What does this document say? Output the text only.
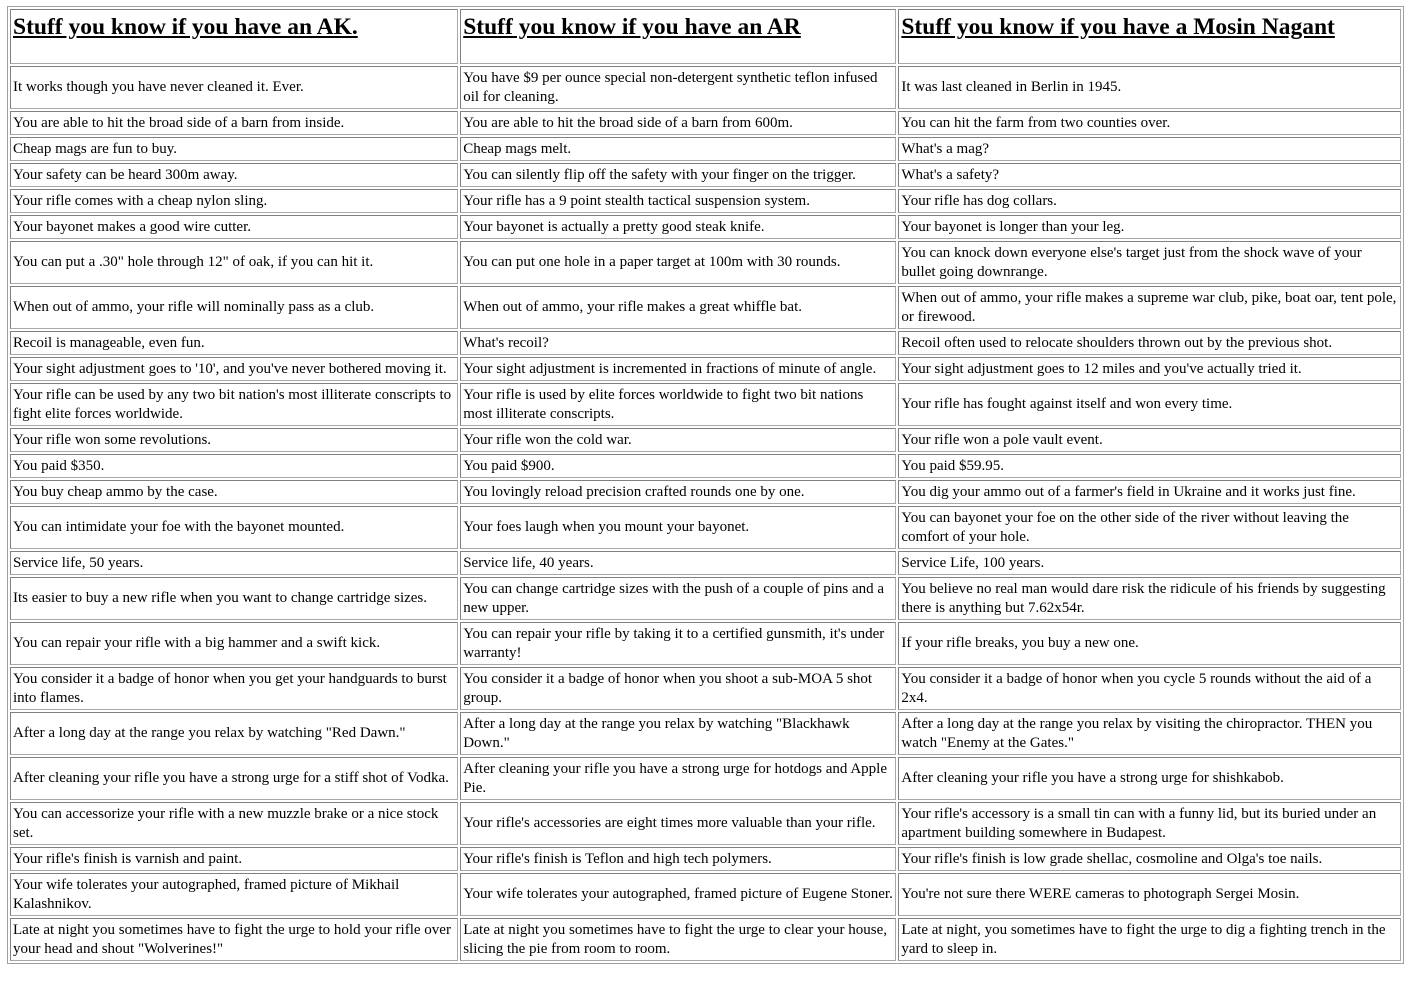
Stuff you know if you have an AK.	Stuff you know if you have an AR	Stuff you know if you have a Mosin Nagant
It works though you have never cleaned it. Ever.	You have $9 per ounce special non-detergent synthetic teflon infused oil for cleaning.	It was last cleaned in Berlin in 1945.
You are able to hit the broad side of a barn from inside.	You are able to hit the broad side of a barn from 600m.	You can hit the farm from two counties over.
Cheap mags are fun to buy.	Cheap mags melt.	What's a mag?
Your safety can be heard 300m away.	You can silently flip off the safety with your finger on the trigger.	What's a safety?
Your rifle comes with a cheap nylon sling.	Your rifle has a 9 point stealth tactical suspension system.	Your rifle has dog collars.
Your bayonet makes a good wire cutter.	Your bayonet is actually a pretty good steak knife.	Your bayonet is longer than your leg.
You can put a .30" hole through 12" of oak, if you can hit it.	You can put one hole in a paper target at 100m with 30 rounds.	You can knock down everyone else's target just from the shock wave of your bullet going downrange.
When out of ammo, your rifle will nominally pass as a club.	When out of ammo, your rifle makes a great whiffle bat.	When out of ammo, your rifle makes a supreme war club, pike, boat oar, tent pole, or firewood.
Recoil is manageable, even fun.	What's recoil?	Recoil often used to relocate shoulders thrown out by the previous shot.
Your sight adjustment goes to '10', and you've never bothered moving it.	Your sight adjustment is incremented in fractions of minute of angle.	Your sight adjustment goes to 12 miles and you've actually tried it.
Your rifle can be used by any two bit nation's most illiterate conscripts to fight elite forces worldwide.	Your rifle is used by elite forces worldwide to fight two bit nations most illiterate conscripts.	Your rifle has fought against itself and won every time.
Your rifle won some revolutions.	Your rifle won the cold war.	Your rifle won a pole vault event.
You paid $350.	You paid $900.	You paid $59.95.
You buy cheap ammo by the case.	You lovingly reload precision crafted rounds one by one.	You dig your ammo out of a farmer's field in Ukraine and it works just fine.
You can intimidate your foe with the bayonet mounted.	Your foes laugh when you mount your bayonet.	You can bayonet your foe on the other side of the river without leaving the comfort of your hole.
Service life, 50 years.	Service life, 40 years.	Service Life, 100 years.
Its easier to buy a new rifle when you want to change cartridge sizes.	You can change cartridge sizes with the push of a couple of pins and a new upper.	You believe no real man would dare risk the ridicule of his friends by suggesting there is anything but 7.62x54r.
You can repair your rifle with a big hammer and a swift kick.	You can repair your rifle by taking it to a certified gunsmith, it's under warranty!	If your rifle breaks, you buy a new one.
You consider it a badge of honor when you get your handguards to burst into flames.	You consider it a badge of honor when you shoot a sub-MOA 5 shot group.	You consider it a badge of honor when you cycle 5 rounds without the aid of a 2x4.
After a long day at the range you relax by watching "Red Dawn."	After a long day at the range you relax by watching "Blackhawk Down."	After a long day at the range you relax by visiting the chiropractor. THEN you watch "Enemy at the Gates."
After cleaning your rifle you have a strong urge for a stiff shot of Vodka.	After cleaning your rifle you have a strong urge for hotdogs and Apple Pie.	After cleaning your rifle you have a strong urge for shishkabob.
You can accessorize your rifle with a new muzzle brake or a nice stock set.	Your rifle's accessories are eight times more valuable than your rifle.	Your rifle's accessory is a small tin can with a funny lid, but its buried under an apartment building somewhere in Budapest.
Your rifle's finish is varnish and paint.	Your rifle's finish is Teflon and high tech polymers.	Your rifle's finish is low grade shellac, cosmoline and Olga's toe nails.
Your wife tolerates your autographed, framed picture of Mikhail Kalashnikov.	Your wife tolerates your autographed, framed picture of Eugene Stoner.	You're not sure there WERE cameras to photograph Sergei Mosin.
Late at night you sometimes have to fight the urge to hold your rifle over your head and shout "Wolverines!"	Late at night you sometimes have to fight the urge to clear your house, slicing the pie from room to room.	Late at night, you sometimes have to fight the urge to dig a fighting trench in the yard to sleep in.
